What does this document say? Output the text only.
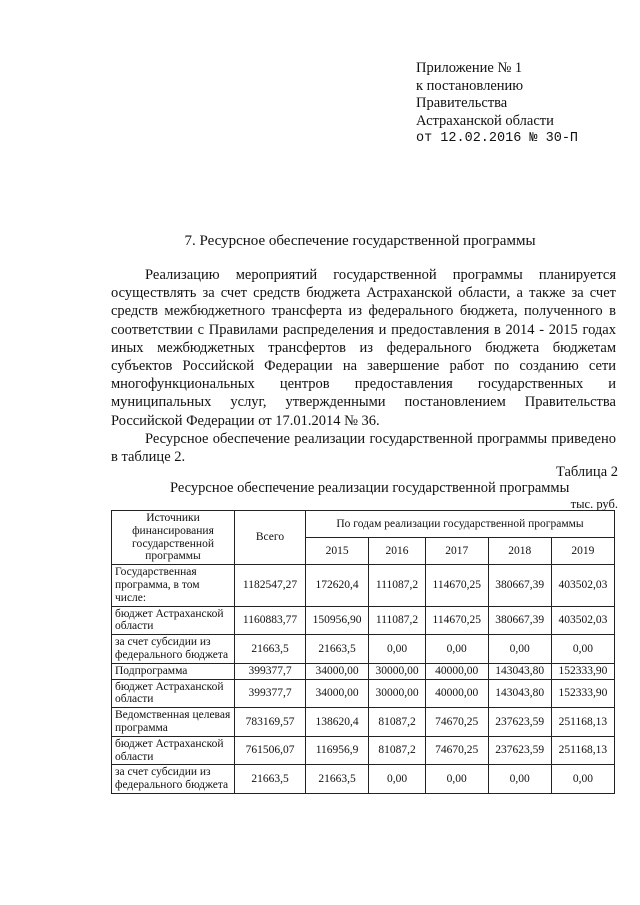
Приложение № 1
к постановлению
Правительства
Астраханской области
от 12.02.2016 № 30-П
7. Ресурсное обеспечение государственной программы

Реализацию мероприятий государственной программы планируется осуществлять за счет средств бюджета Астраханской области, а также за счет средств межбюджетного трансферта из федерального бюджета, полученного в соответствии с Правилами распределения и предоставления в 2014 - 2015 годах иных межбюджетных трансфертов из федерального бюджета бюджетам субъектов Российской Федерации на завершение работ по созданию сети многофункциональных центров предоставления государственных и муниципальных услуг, утвержденными постановлением Правительства Российской Федерации от 17.01.2014 № 36.

Ресурсное обеспечение реализации государственной программы приведено в таблице 2.

Таблица 2
Ресурсное обеспечение реализации государственной программы
тыс. руб.
Источники финансирования государственной программы	Всего	По годам реализации государственной программы				
		2015	2016	2017	2018	2019
Государственная программа, в том числе:	1182547,27	172620,4	111087,2	114670,25	380667,39	403502,03
бюджет Астраханской области	1160883,77	150956,90	111087,2	114670,25	380667,39	403502,03
за счет субсидии из федерального бюджета	21663,5	21663,5	0,00	0,00	0,00	0,00
Подпрограмма	399377,7	34000,00	30000,00	40000,00	143043,80	152333,90
бюджет Астраханской области	399377,7	34000,00	30000,00	40000,00	143043,80	152333,90
Ведомственная целевая программа	783169,57	138620,4	81087,2	74670,25	237623,59	251168,13
бюджет Астраханской области	761506,07	116956,9	81087,2	74670,25	237623,59	251168,13
за счет субсидии из федерального бюджета	21663,5	21663,5	0,00	0,00	0,00	0,00
